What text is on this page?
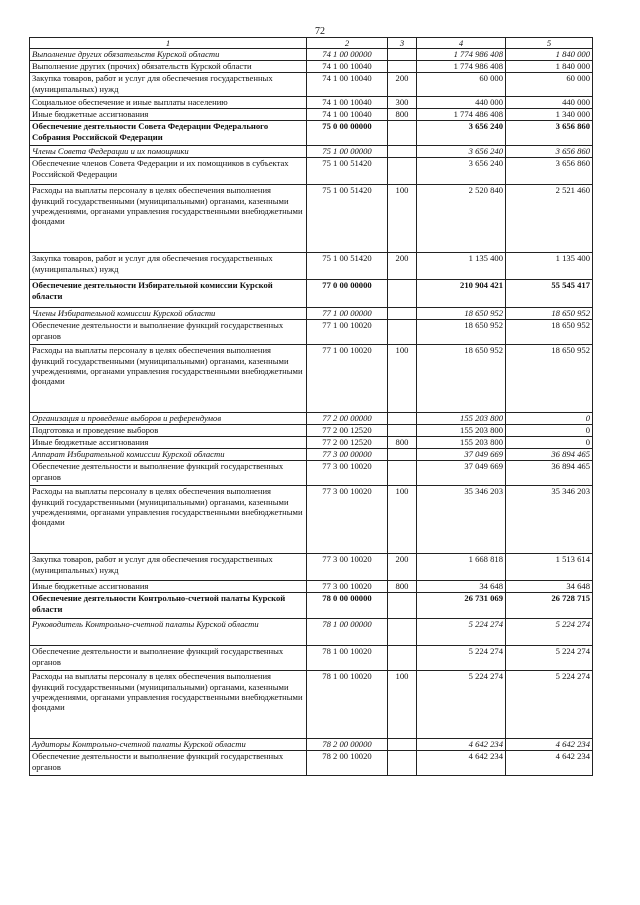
72
1	2	3	4	5
Выполнение других обязательств Курской области	74 1 00 00000		1 774 986 408	1 840 000
Выполнение других (прочих) обязательств Курской области	74 1 00 10040		1 774 986 408	1 840 000
Закупка товаров, работ и услуг для обеспечения государственных (муниципальных) нужд	74 1 00 10040	200	60 000	60 000
Социальное обеспечение и иные выплаты населению	74 1 00 10040	300	440 000	440 000
Иные бюджетные ассигнования	74 1 00 10040	800	1 774 486 408	1 340 000
Обеспечение деятельности Совета Федерации Федерального Собрания Российской Федерации	75 0 00 00000		3 656 240	3 656 860
Члены Совета Федерации и их помощники	75 1 00 00000		3 656 240	3 656 860
Обеспечение членов Совета Федерации и их помощников в субъектах Российской Федерации	75 1 00 51420		3 656 240	3 656 860
Расходы на выплаты персоналу в целях обеспечения выполнения функций государственными (муниципальными) органами, казенными учреждениями, органами управления государственными внебюджетными фондами	75 1 00 51420	100	2 520 840	2 521 460
Закупка товаров, работ и услуг для обеспечения государственных (муниципальных) нужд	75 1 00 51420	200	1 135 400	1 135 400
Обеспечение деятельности Избирательной комиссии Курской области	77 0 00 00000		210 904 421	55 545 417
Члены Избирательной комиссии Курской области	77 1 00 00000		18 650 952	18 650 952
Обеспечение деятельности и выполнение функций государственных органов	77 1 00 10020		18 650 952	18 650 952
Расходы на выплаты персоналу в целях обеспечения выполнения функций государственными (муниципальными) органами, казенными учреждениями, органами управления государственными внебюджетными фондами	77 1 00 10020	100	18 650 952	18 650 952
Организация и проведение выборов и референдумов	77 2 00 00000		155 203 800	0
Подготовка и проведение выборов	77 2 00 12520		155 203 800	0
Иные бюджетные ассигнования	77 2 00 12520	800	155 203 800	0
Аппарат Избирательной комиссии Курской области	77 3 00 00000		37 049 669	36 894 465
Обеспечение деятельности и выполнение функций государственных органов	77 3 00 10020		37 049 669	36 894 465
Расходы на выплаты персоналу в целях обеспечения выполнения функций государственными (муниципальными) органами, казенными учреждениями, органами управления государственными внебюджетными фондами	77 3 00 10020	100	35 346 203	35 346 203
Закупка товаров, работ и услуг для обеспечения государственных (муниципальных) нужд	77 3 00 10020	200	1 668 818	1 513 614
Иные бюджетные ассигнования	77 3 00 10020	800	34 648	34 648
Обеспечение деятельности Контрольно-счетной палаты Курской области	78 0 00 00000		26 731 069	26 728 715
Руководитель Контрольно-счетной палаты Курской области	78 1 00 00000		5 224 274	5 224 274
Обеспечение деятельности и выполнение функций государственных органов	78 1 00 10020		5 224 274	5 224 274
Расходы на выплаты персоналу в целях обеспечения выполнения функций государственными (муниципальными) органами, казенными учреждениями, органами управления государственными внебюджетными фондами	78 1 00 10020	100	5 224 274	5 224 274
Аудиторы Контрольно-счетной палаты Курской области	78 2 00 00000		4 642 234	4 642 234
Обеспечение деятельности и выполнение функций государственных органов	78 2 00 10020		4 642 234	4 642 234
